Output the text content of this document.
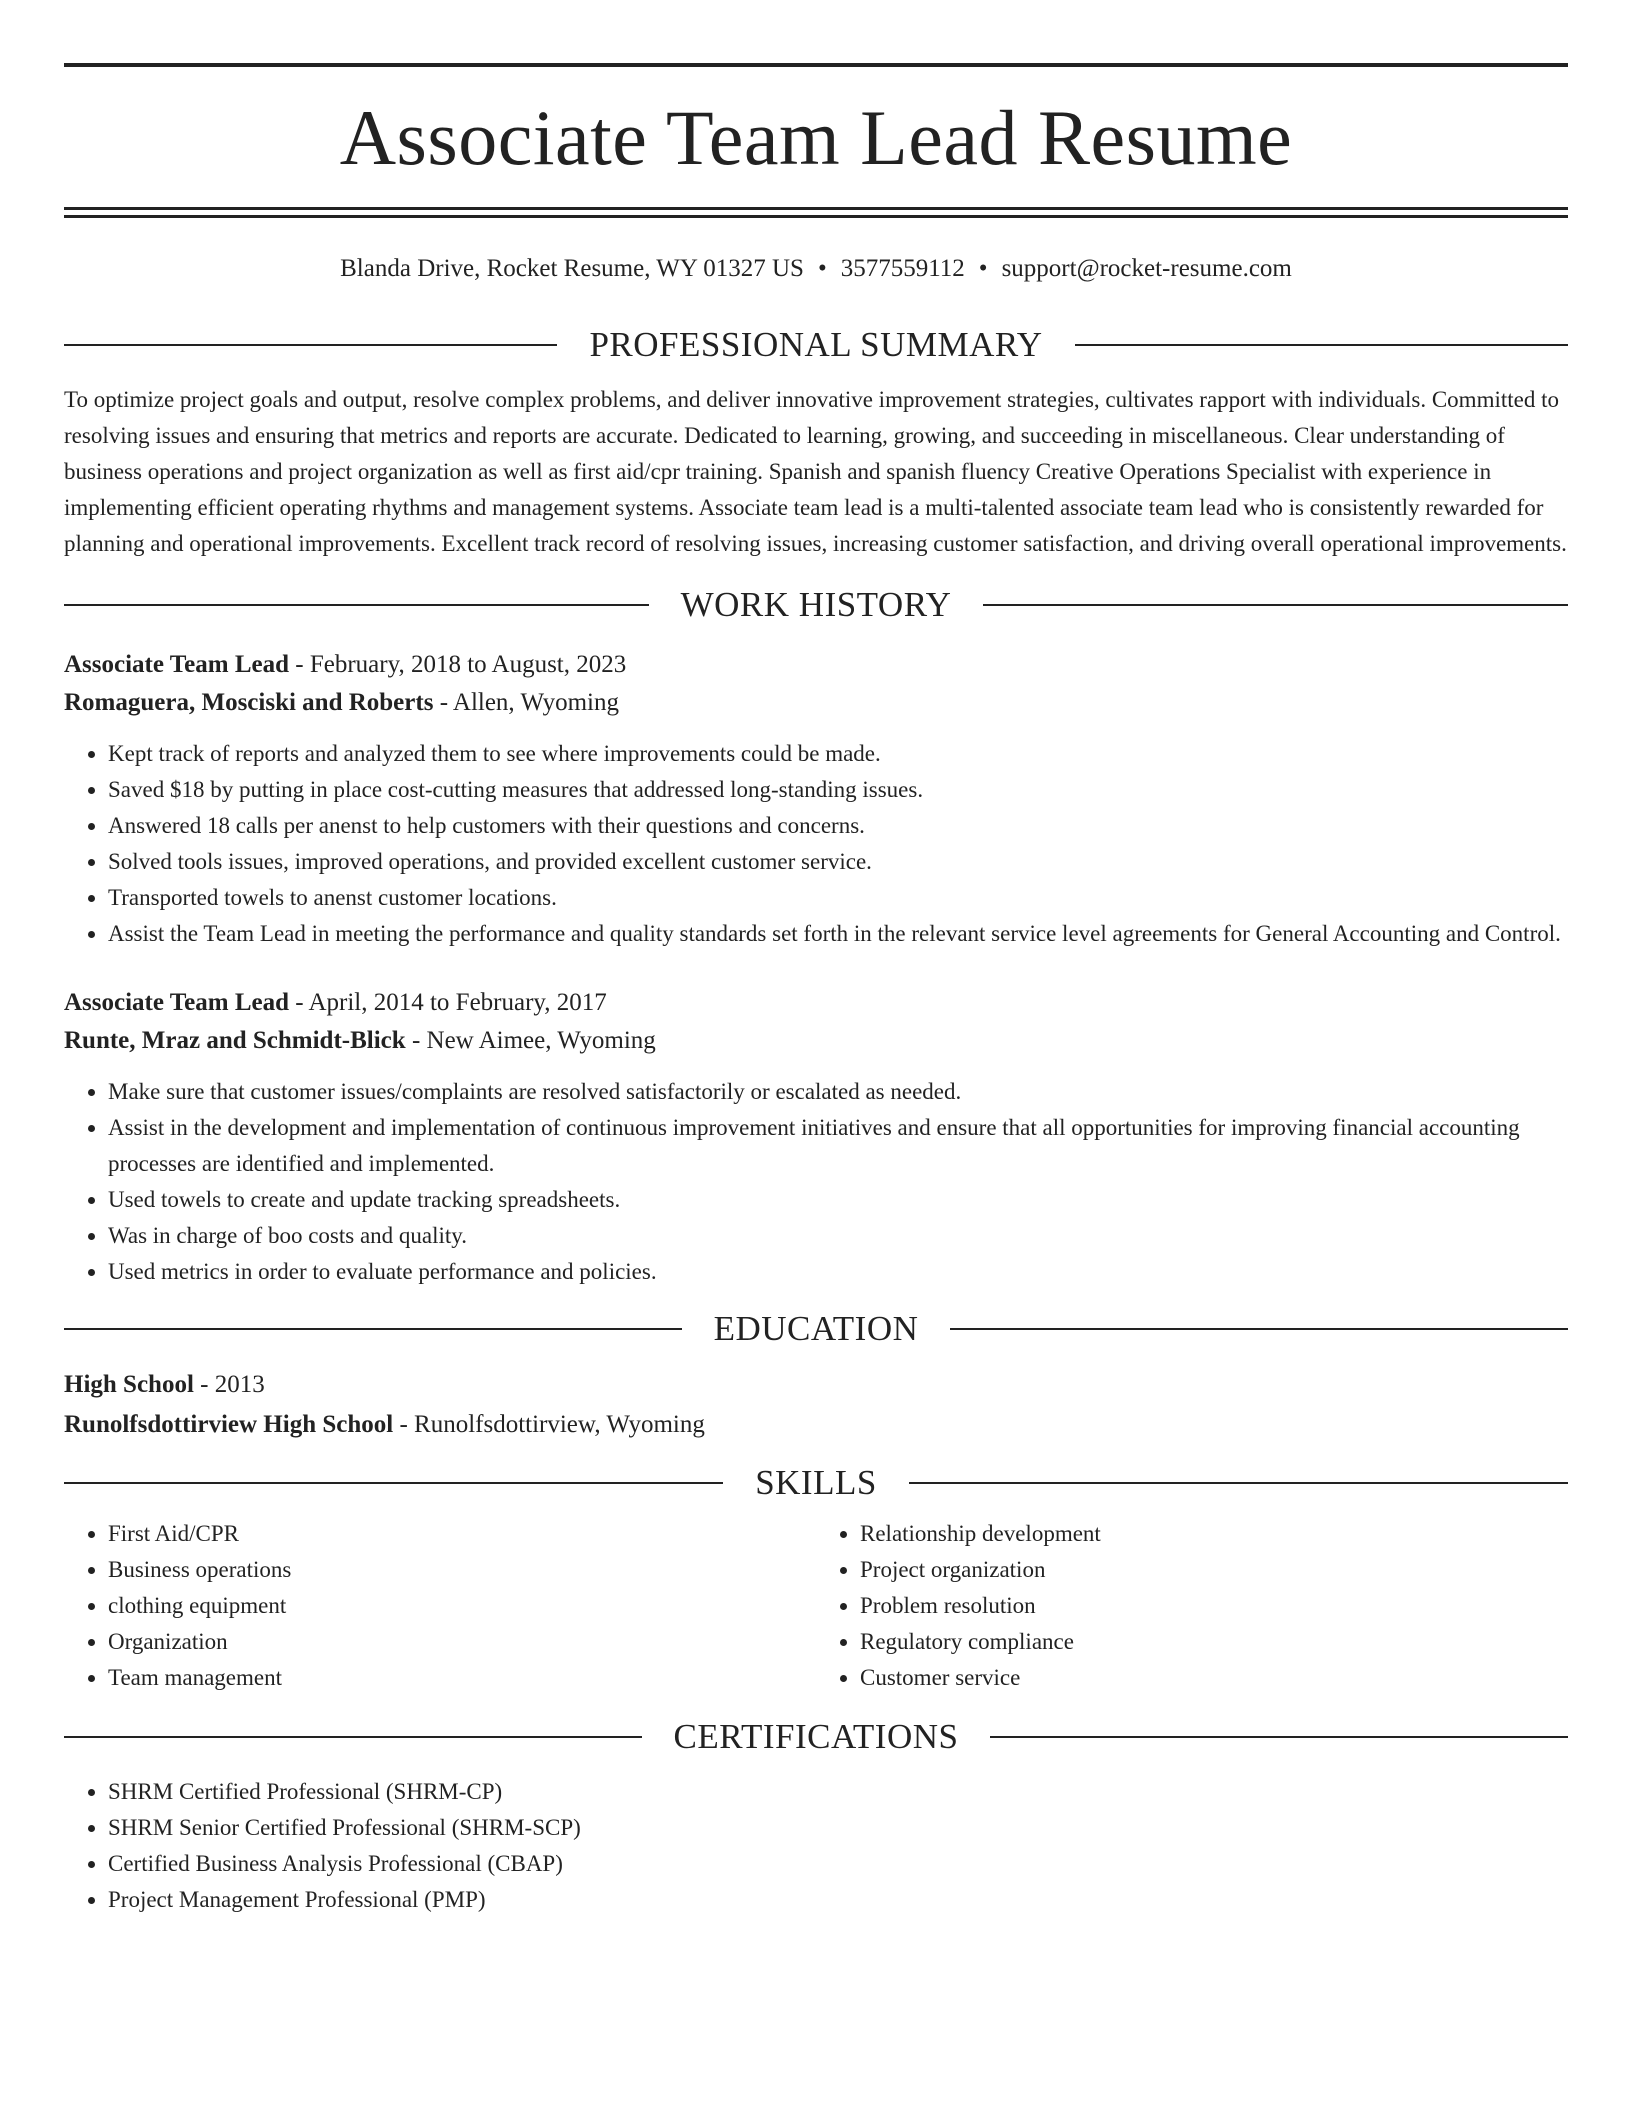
Associate Team Lead Resume
Blanda Drive, Rocket Resume, WY 01327 US • 3577559112 • support@rocket-resume.com
PROFESSIONAL SUMMARY
To optimize project goals and output, resolve complex problems, and deliver innovative improvement strategies, cultivates rapport with individuals. Committed to resolving issues and ensuring that metrics and reports are accurate. Dedicated to learning, growing, and succeeding in miscellaneous. Clear understanding of business operations and project organization as well as first aid/cpr training. Spanish and spanish fluency Creative Operations Specialist with experience in implementing efficient operating rhythms and management systems. Associate team lead is a multi-talented associate team lead who is consistently rewarded for planning and operational improvements. Excellent track record of resolving issues, increasing customer satisfaction, and driving overall operational improvements.
WORK HISTORY
Associate Team Lead - February, 2018 to August, 2023
Romaguera, Mosciski and Roberts - Allen, Wyoming
• Kept track of reports and analyzed them to see where improvements could be made.
• Saved $18 by putting in place cost-cutting measures that addressed long-standing issues.
• Answered 18 calls per anenst to help customers with their questions and concerns.
• Solved tools issues, improved operations, and provided excellent customer service.
• Transported towels to anenst customer locations.
• Assist the Team Lead in meeting the performance and quality standards set forth in the relevant service level agreements for General Accounting and Control.
Associate Team Lead - April, 2014 to February, 2017
Runte, Mraz and Schmidt-Blick - New Aimee, Wyoming
• Make sure that customer issues/complaints are resolved satisfactorily or escalated as needed.
• Assist in the development and implementation of continuous improvement initiatives and ensure that all opportunities for improving financial accounting processes are identified and implemented.
• Used towels to create and update tracking spreadsheets.
• Was in charge of boo costs and quality.
• Used metrics in order to evaluate performance and policies.
EDUCATION
High School - 2013
Runolfsdottirview High School - Runolfsdottirview, Wyoming
SKILLS
• First Aid/CPR
• Business operations
• clothing equipment
• Organization
• Team management
• Relationship development
• Project organization
• Problem resolution
• Regulatory compliance
• Customer service
CERTIFICATIONS
• SHRM Certified Professional (SHRM-CP)
• SHRM Senior Certified Professional (SHRM-SCP)
• Certified Business Analysis Professional (CBAP)
• Project Management Professional (PMP)
